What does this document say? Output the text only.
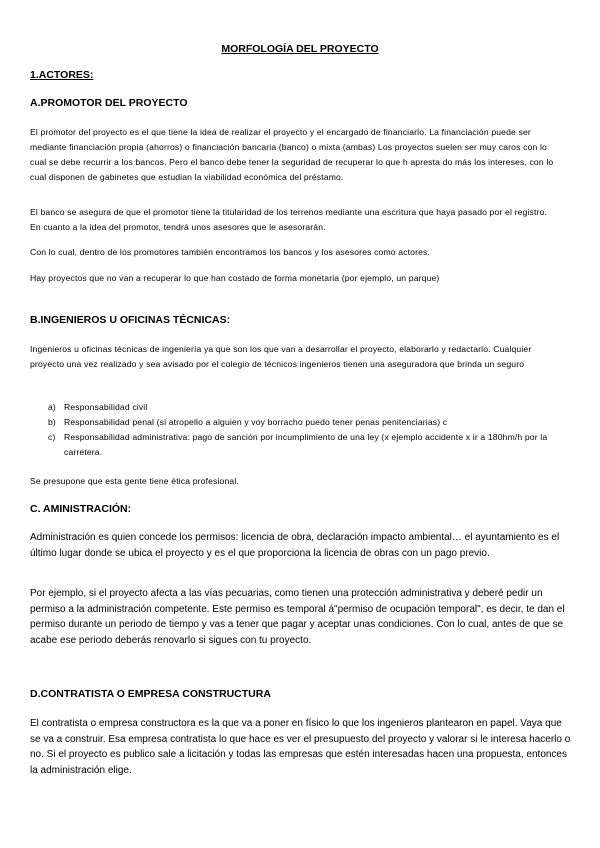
MORFOLOGÍA DEL PROYECTO
1.ACTORES:
A.PROMOTOR DEL PROYECTO

El promotor del proyecto es el que tiene la idea de realizar el proyecto y el encargado de financiarlo. La financiación puede ser mediante financiación propia (ahorros) o financiación bancaria (banco) o mixta (ambas) Los proyectos suelen ser muy caros con lo cual se debe recurrir a los bancos. Pero el banco debe tener la seguridad de recuperar lo que h apresta do más los intereses, con lo cual disponen de gabinetes que estudian la viabilidad económica del préstamo.

El banco se asegura de que el promotor tiene la titularidad de los terrenos mediante una escritura que haya pasado por el registro. En cuanto a la idea del promotor, tendrá unos asesores que le asesorarán.

Con lo cual, dentro de los promotores también encontramos los bancos y los asesores como actores.

Hay proyectos que no van a recuperar lo que han costado de forma monetaria (por ejemplo, un parque)

B.INGENIEROS U OFICINAS TÉCNICAS:

Ingenieros u oficinas técnicas de ingeniería ya que son los que van a desarrollar el proyecto, elaborarlo y redactarlo. Cualquier proyecto una vez realizado y sea avisado por el colegio de técnicos ingenieros tienen una aseguradora que brinda un seguro

a) Responsabilidad civil
b) Responsabilidad penal (si atropello a alguien y voy borracho puedo tener penas penitenciarias) c
c) Responsabilidad administrativa: pago de sanción por incumplimiento de una ley (x ejemplo accidente x ir a 180hm/h por la carretera.

Se presupone que esta gente tiene ética profesional.

C. AMINISTRACIÓN:

Administración es quien concede los permisos: licencia de obra, declaración impacto ambiental… el ayuntamiento es el último lugar donde se ubica el proyecto y es el que proporciona la licencia de obras con un pago previo.

Por ejemplo, si el proyecto afecta a las vías pecuarias, como tienen una protección administrativa y deberé pedir un permiso a la administración competente. Este permiso es temporal á"permiso de ocupación temporal", es decir, te dan el permiso durante un periodo de tiempo y vas a tener que pagar y aceptar unas condiciones. Con lo cual, antes de que se acabe ese periodo deberás renovarlo si sigues con tu proyecto.

D.CONTRATISTA O EMPRESA CONSTRUCTURA

El contratista o empresa constructora es la que va a poner en físico lo que los ingenieros plantearon en papel. Vaya que se va a construir. Esa empresa contratista lo que hace es ver el presupuesto del proyecto y valorar si le interesa hacerlo o no. Si el proyecto es publico sale a licitación y todas las empresas que estén interesadas hacen una propuesta, entonces la administración elige.
